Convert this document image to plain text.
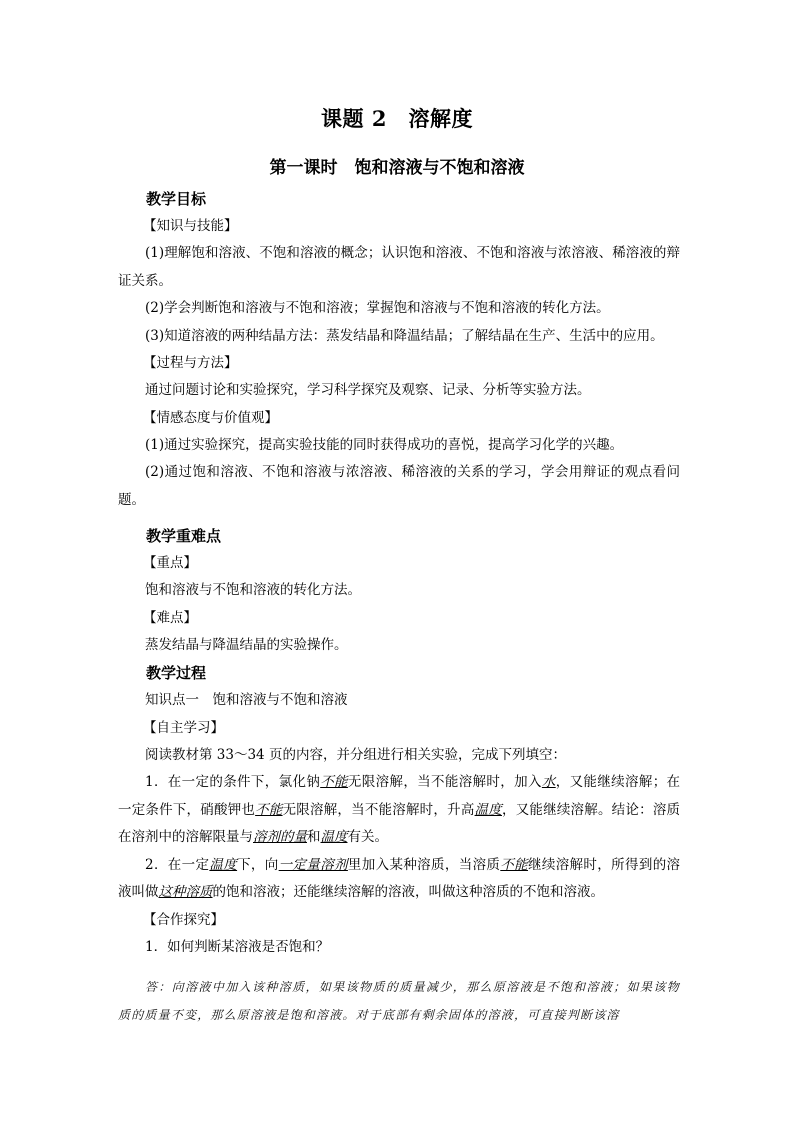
课题 2　溶解度
第一课时　饱和溶液与不饱和溶液
教学目标
【知识与技能】

(1)理解饱和溶液、不饱和溶液的概念；认识饱和溶液、不饱和溶液与浓溶液、稀溶液的辩证关系。

(2)学会判断饱和溶液与不饱和溶液；掌握饱和溶液与不饱和溶液的转化方法。

(3)知道溶液的两种结晶方法：蒸发结晶和降温结晶；了解结晶在生产、生活中的应用。

【过程与方法】

通过问题讨论和实验探究，学习科学探究及观察、记录、分析等实验方法。

【情感态度与价值观】

(1)通过实验探究，提高实验技能的同时获得成功的喜悦，提高学习化学的兴趣。

(2)通过饱和溶液、不饱和溶液与浓溶液、稀溶液的关系的学习，学会用辩证的观点看问题。

教学重难点
【重点】

饱和溶液与不饱和溶液的转化方法。

【难点】

蒸发结晶与降温结晶的实验操作。

教学过程

知识点一　饱和溶液与不饱和溶液

【自主学习】

阅读教材第 33～34 页的内容，并分组进行相关实验，完成下列填空：

1．在一定的条件下，氯化钠不能无限溶解，当不能溶解时，加入水，又能继续溶解；在一定条件下，硝酸钾也不能无限溶解，当不能溶解时，升高温度，又能继续溶解。结论：溶质在溶剂中的溶解限量与溶剂的量和温度有关。

2．在一定温度下，向一定量溶剂里加入某种溶质，当溶质不能继续溶解时，所得到的溶液叫做这种溶质的饱和溶液；还能继续溶解的溶液，叫做这种溶质的不饱和溶液。

【合作探究】

1．如何判断某溶液是否饱和？

答：向溶液中加入该种溶质，如果该物质的质量减少，那么原溶液是不饱和溶液；如果该物质的质量不变，那么原溶液是饱和溶液。对于底部有剩余固体的溶液，可直接判断该溶
